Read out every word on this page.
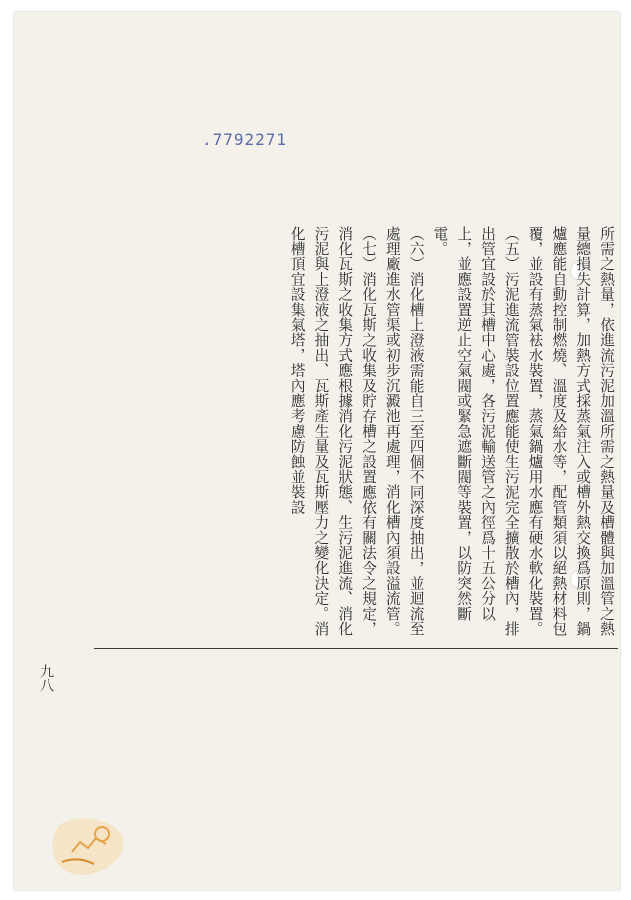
.7792271

所需之熱量，依進流污泥加溫所需之熱量及槽體與加溫管之熱量總損失計算，加熱方式採蒸氣注入或槽外熱交換爲原則，鍋爐應能自動控制燃燒、溫度及給水等，配管類須以絕熱材料包覆，並設有蒸氣袪水裝置，蒸氣鍋爐用水應有硬水軟化裝置。

（五）污泥進流管裝設位置應能使生污泥完全擴散於槽內，排出管宜設於其槽中心處，各污泥輸送管之內徑爲十五公分以上，並應設置逆止空氣閥或緊急遮斷閥等裝置，以防突然斷電。

（六）消化槽上澄液需能自三至四個不同深度抽出，並迴流至處理廠進水管渠或初步沉澱池再處理，消化槽內須設溢流管。

（七）消化瓦斯之收集及貯存槽之設置應依有關法令之規定，消化瓦斯之收集方式應根據消化污泥狀態、生污泥進流、消化污泥與上澄液之抽出、瓦斯產生量及瓦斯壓力之變化決定。消化槽頂宜設集氣塔，塔內應考慮防蝕並裝設

九八
